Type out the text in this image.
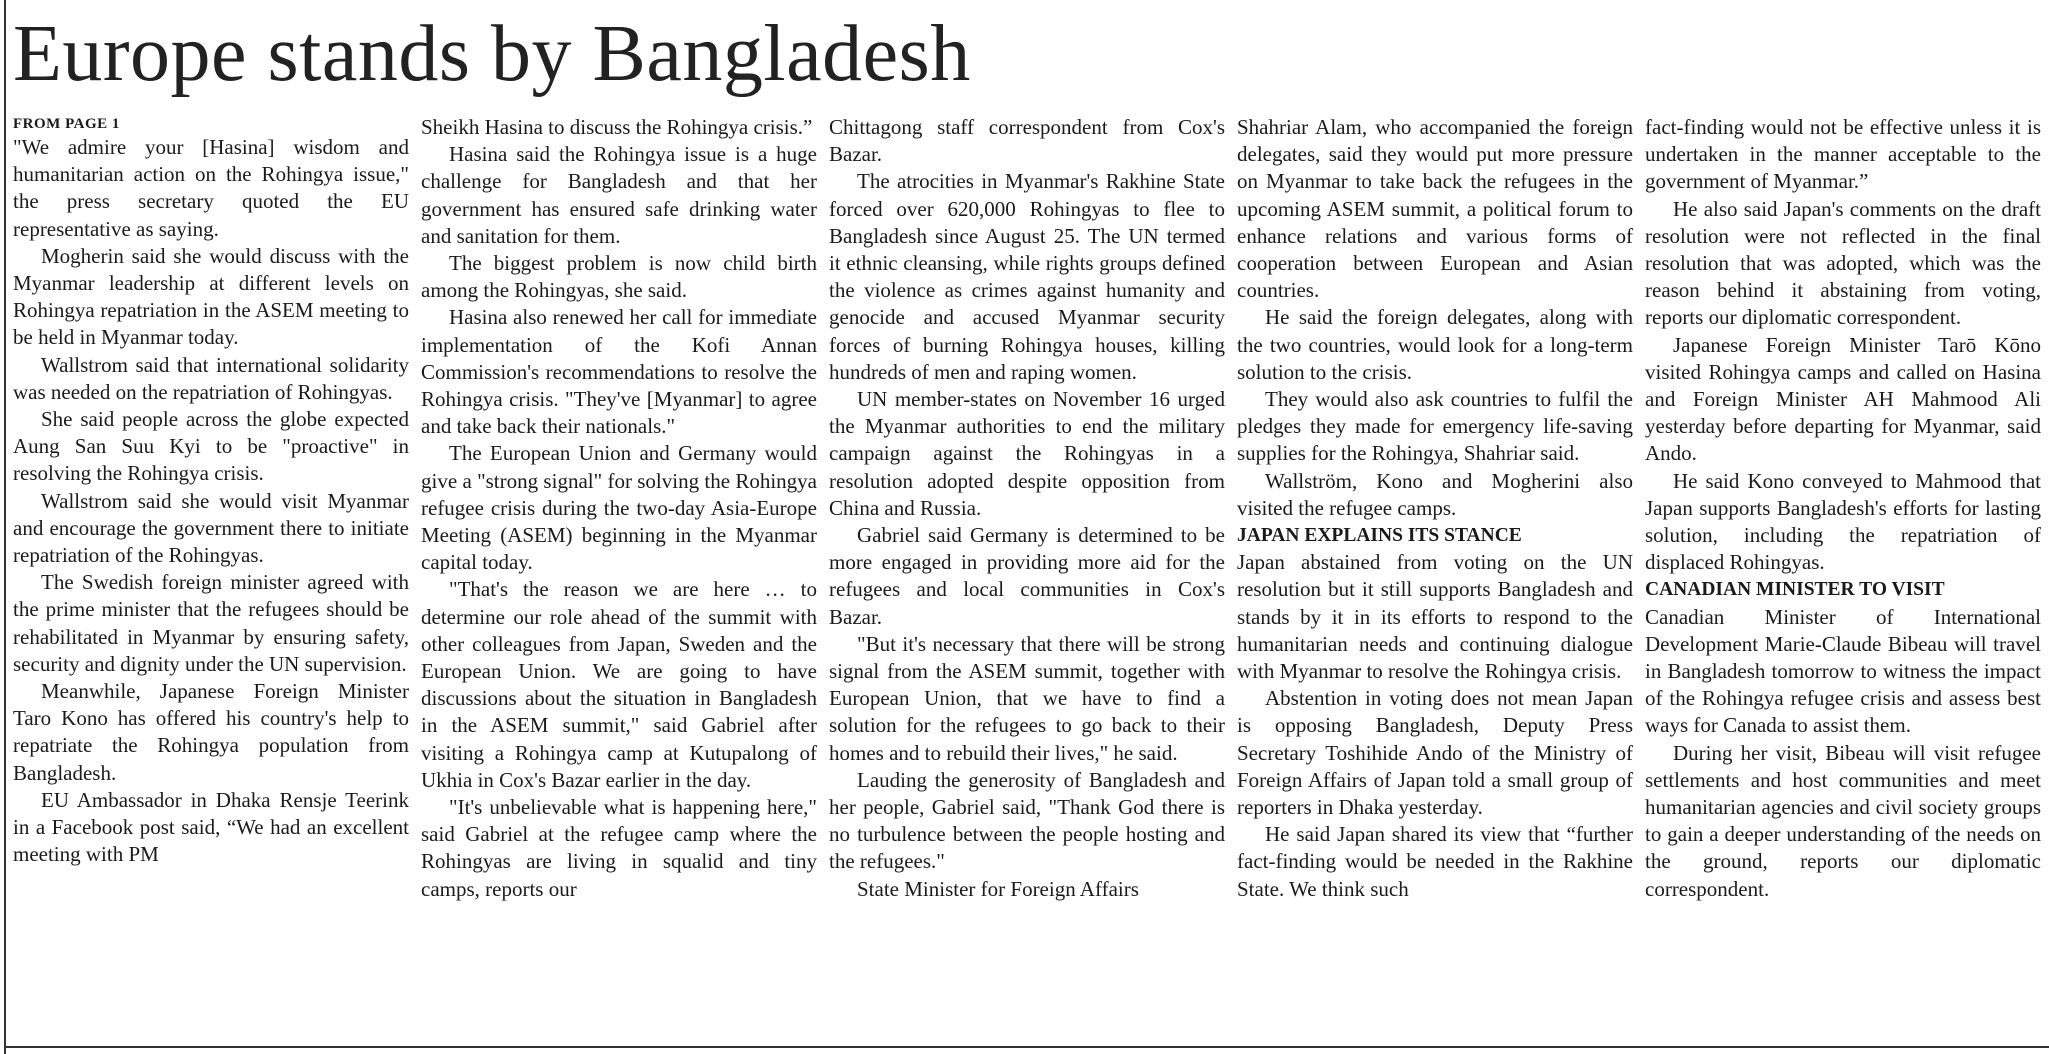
Europe stands by Bangladesh
FROM PAGE 1

"We admire your [Hasina] wisdom and humanitarian action on the Rohingya issue," the press secretary quoted the EU representative as saying.

Mogherin said she would discuss with the Myanmar leadership at different levels on Rohingya repatriation in the ASEM meeting to be held in Myanmar today.

Wallstrom said that international solidarity was needed on the repatriation of Rohingyas.

She said people across the globe expected Aung San Suu Kyi to be "proactive" in resolving the Rohingya crisis.

Wallstrom said she would visit Myanmar and encourage the government there to initiate repatriation of the Rohingyas.

The Swedish foreign minister agreed with the prime minister that the refugees should be rehabilitated in Myanmar by ensuring safety, security and dignity under the UN supervision.

Meanwhile, Japanese Foreign Minister Taro Kono has offered his country's help to repatriate the Rohingya population from Bangladesh.

EU Ambassador in Dhaka Rensje Teerink in a Facebook post said, “We had an excellent meeting with PM

Sheikh Hasina to discuss the Rohingya crisis.”

Hasina said the Rohingya issue is a huge challenge for Bangladesh and that her government has ensured safe drinking water and sanitation for them.

The biggest problem is now child birth among the Rohingyas, she said.

Hasina also renewed her call for immediate implementation of the Kofi Annan Commission's recommendations to resolve the Rohingya crisis. "They've [Myanmar] to agree and take back their nationals."

The European Union and Germany would give a "strong signal" for solving the Rohingya refugee crisis during the two-day Asia-Europe Meeting (ASEM) beginning in the Myanmar capital today.

"That's the reason we are here … to determine our role ahead of the summit with other colleagues from Japan, Sweden and the European Union. We are going to have discussions about the situation in Bangladesh in the ASEM summit," said Gabriel after visiting a Rohingya camp at Kutupalong of Ukhia in Cox's Bazar earlier in the day.

"It's unbelievable what is happening here," said Gabriel at the refugee camp where the Rohingyas are living in squalid and tiny camps, reports our

Chittagong staff correspondent from Cox's Bazar.

The atrocities in Myanmar's Rakhine State forced over 620,000 Rohingyas to flee to Bangladesh since August 25. The UN termed it ethnic cleansing, while rights groups defined the violence as crimes against humanity and genocide and accused Myanmar security forces of burning Rohingya houses, killing hundreds of men and raping women.

UN member-states on November 16 urged the Myanmar authorities to end the military campaign against the Rohingyas in a resolution adopted despite opposition from China and Russia.

Gabriel said Germany is determined to be more engaged in providing more aid for the refugees and local communities in Cox's Bazar.

"But it's necessary that there will be strong signal from the ASEM summit, together with European Union, that we have to find a solution for the refugees to go back to their homes and to rebuild their lives," he said.

Lauding the generosity of Bangladesh and her people, Gabriel said, "Thank God there is no turbulence between the people hosting and the refugees."

State Minister for Foreign Affairs

Shahriar Alam, who accompanied the foreign delegates, said they would put more pressure on Myanmar to take back the refugees in the upcoming ASEM summit, a political forum to enhance relations and various forms of cooperation between European and Asian countries.

He said the foreign delegates, along with the two countries, would look for a long-term solution to the crisis.

They would also ask countries to fulfil the pledges they made for emergency life-saving supplies for the Rohingya, Shahriar said.

Wallström, Kono and Mogherini also visited the refugee camps.

JAPAN EXPLAINS ITS STANCE

Japan abstained from voting on the UN resolution but it still supports Bangladesh and stands by it in its efforts to respond to the humanitarian needs and continuing dialogue with Myanmar to resolve the Rohingya crisis.

Abstention in voting does not mean Japan is opposing Bangladesh, Deputy Press Secretary Toshihide Ando of the Ministry of Foreign Affairs of Japan told a small group of reporters in Dhaka yesterday.

He said Japan shared its view that “further fact-finding would be needed in the Rakhine State. We think such

fact-finding would not be effective unless it is undertaken in the manner acceptable to the government of Myanmar.”

He also said Japan's comments on the draft resolution were not reflected in the final resolution that was adopted, which was the reason behind it abstaining from voting, reports our diplomatic correspondent.

Japanese Foreign Minister Tarō Kōno visited Rohingya camps and called on Hasina and Foreign Minister AH Mahmood Ali yesterday before departing for Myanmar, said Ando.

He said Kono conveyed to Mahmood that Japan supports Bangladesh's efforts for lasting solution, including the repatriation of displaced Rohingyas.

CANADIAN MINISTER TO VISIT

Canadian Minister of International Development Marie-Claude Bibeau will travel in Bangladesh tomorrow to witness the impact of the Rohingya refugee crisis and assess best ways for Canada to assist them.

During her visit, Bibeau will visit refugee settlements and host communities and meet humanitarian agencies and civil society groups to gain a deeper understanding of the needs on the ground, reports our diplomatic correspondent.
